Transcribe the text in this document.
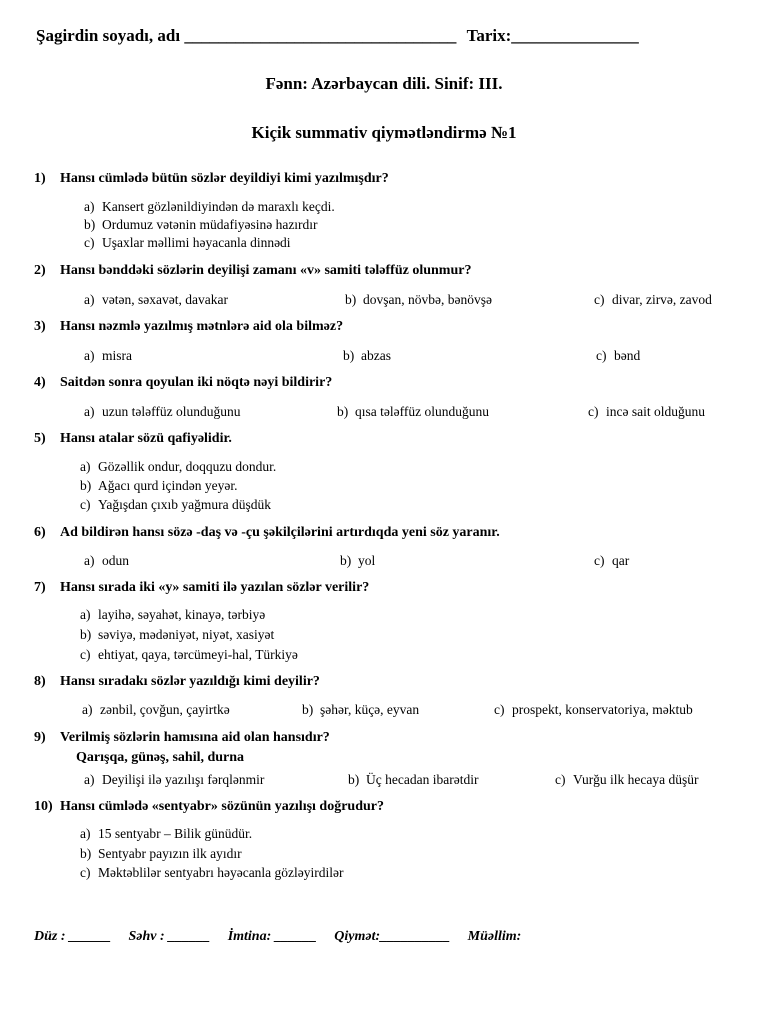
Şagirdin soyadı, adı ________________________________ Tarix:_______________
Fənn: Azərbaycan dili. Sinif: III.
Kiçik summativ qiymətləndirmə №1
1) Hansı cümlədə bütün sözlər deyildiyi kimi yazılmışdır?
a) Kansert gözlənildiyindən də maraxlı keçdi.
b) Ordumuz vətənin müdafiyəsinə hazırdır
c) Uşaxlar məllimi həyacanla dinnədi
2) Hansı bənddəki sözlərin deyilişi zamanı «v» samiti tələffüz olunmur?
a) vətən, səxavət, davakar	b) dovşan, növbə, bənövşə	c) divar, zirvə, zavod
3) Hansı nəzmlə yazılmış mətnlərə aid ola bilməz?
a) misra	b) abzas	c) bənd
4) Saitdən sonra qoyulan iki nöqtə nəyi bildirir?
a) uzun tələffüz olunduğunu	b) qısa tələffüz olunduğunu	c) incə sait olduğunu
5) Hansı atalar sözü qafiyəlidir.
a) Gözəllik ondur, doqquzu dondur.
b) Ağacı qurd içindən yeyər.
c) Yağışdan çıxıb yağmura düşdük
6) Ad bildirən hansı sözə -daş və -çu şəkilçilərini artırdıqda yeni söz yaranır.
a) odun	b) yol	c) qar
7) Hansı sırada iki «y» samiti ilə yazılan sözlər verilir?
a) layihə, səyahət, kinayə, tərbiyə
b) səviyə, mədəniyət, niyət, xasiyət
c) ehtiyat, qaya, tərcümeyi-hal, Türkiyə
8) Hansı sıradakı sözlər yazıldığı kimi deyilir?
a) zənbil, çovğun, çayirtkə	b) şəhər, küçə, eyvan	c) prospekt, konservatoriya, məktub
9) Verilmiş sözlərin hamısına aid olan hansıdır?
Qarışqa, günəş, sahil, durna
a) Deyilişi ilə yazılışı fərqlənmir	b) Üç hecadan ibarətdir	c) Vurğu ilk hecaya düşür
10) Hansı cümlədə «sentyabr» sözünün yazılışı doğrudur?
a) 15 sentyabr – Bilik günüdür.
b) Sentyabr payızın ilk ayıdır
c) Məktəblilər sentyabrı həyəcanla gözləyirdilər
Düz : ______ Səhv : ______ İmtina: ______ Qiymət:__________ Müəllim:
